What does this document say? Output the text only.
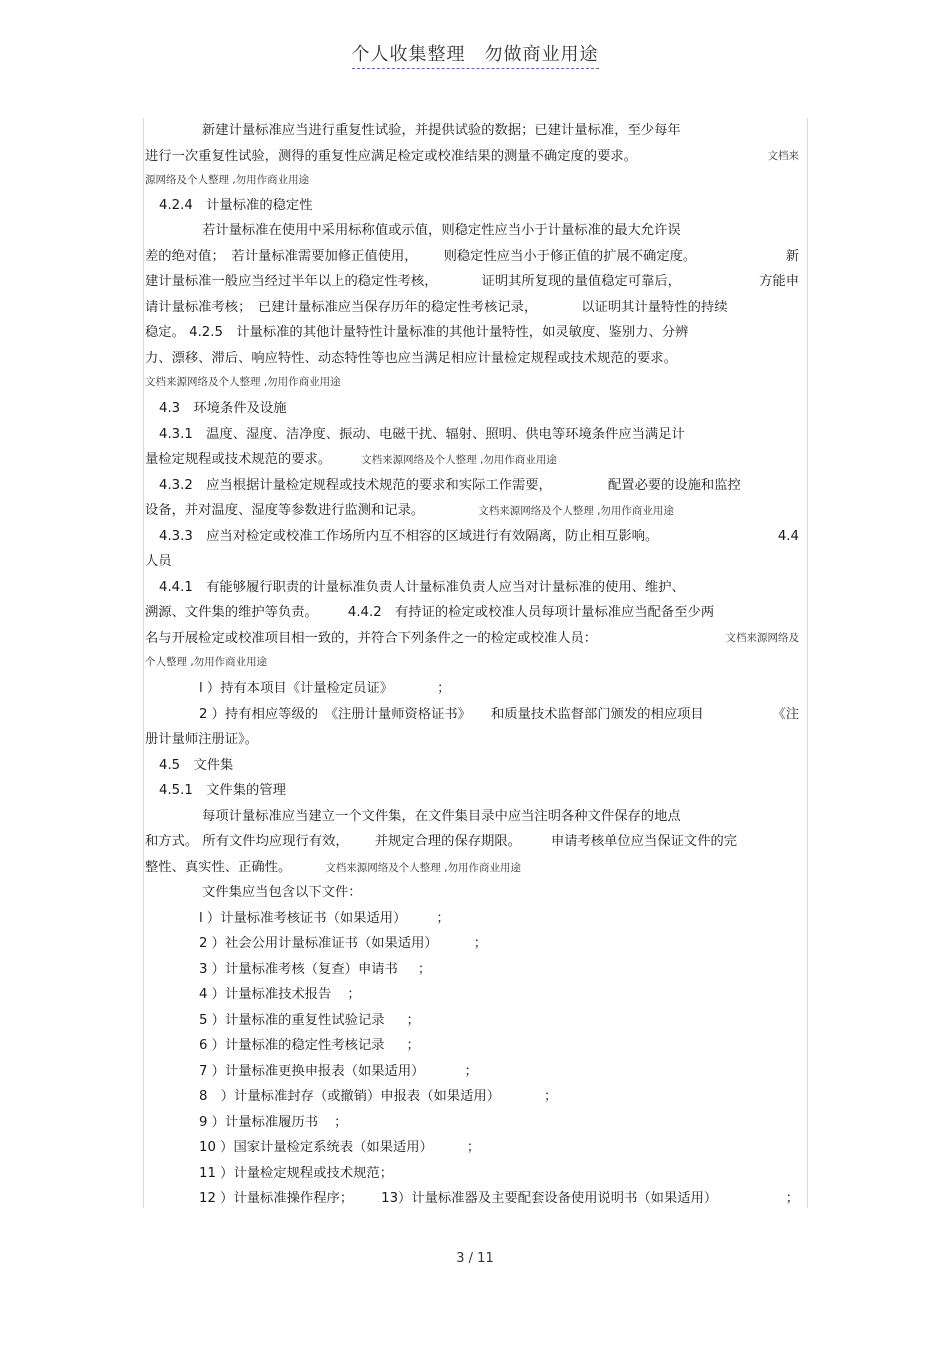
个人收集整理　勿做商业用途
新建计量标准应当进行重复性试验，并提供试验的数据；已建计量标准，至少每年
进行一次重复性试验，测得的重复性应满足检定或校准结果的测量不确定度的要求。	文档来
源网络及个人整理 ,勿用作商业用途
4.2.4　计量标准的稳定性
若计量标准在使用中采用标称值或示值，则稳定性应当小于计量标准的最大允许误
差的绝对值；　若计量标准需要加修正值使用， 则稳定性应当小于修正值的扩展不确定度。	新
建计量标准一般应当经过半年以上的稳定性考核，	证明其所复现的量值稳定可靠后，	方能申
请计量标准考核；　已建计量标准应当保存历年的稳定性考核记录，	以证明其计量特性的持续
稳定。 4.2.5　计量标准的其他计量特性计量标准的其他计量特性，如灵敏度、鉴别力、分辨
力、漂移、滞后、响应特性、动态特性等也应当满足相应计量检定规程或技术规范的要求。
文档来源网络及个人整理 ,勿用作商业用途
4.3　环境条件及设施
4.3.1　温度、湿度、洁净度、振动、电磁干扰、辐射、照明、供电等环境条件应当满足计
量检定规程或技术规范的要求。	文档来源网络及个人整理 ,勿用作商业用途
4.3.2　应当根据计量检定规程或技术规范的要求和实际工作需要，	配置必要的设施和监控
设备，并对温度、湿度等参数进行监测和记录。	文档来源网络及个人整理 ,勿用作商业用途
4.3.3　应当对检定或校准工作场所内互不相容的区域进行有效隔离，防止相互影响。	4.4
人员
4.4.1　有能够履行职责的计量标准负责人计量标准负责人应当对计量标准的使用、维护、
溯源、文件集的维护等负责。 4.4.2　有持证的检定或校准人员每项计量标准应当配备至少两
名与开展检定或校准项目相一致的，并符合下列条件之一的检定或校准人员：	文档来源网络及
个人整理 ,勿用作商业用途
l ）持有本项目《计量检定员证》	；
2 ）持有相应等级的　《注册计量师资格证书》 和质量技术监督部门颁发的相应项目	《注
册计量师注册证》。
4.5　文件集
4.5.1　文件集的管理
每项计量标准应当建立一个文件集，在文件集目录中应当注明各种文件保存的地点
和方式。 所有文件均应现行有效， 并规定合理的保存期限。 申请考核单位应当保证文件的完
整性、真实性、正确性。	文档来源网络及个人整理 ,勿用作商业用途
文件集应当包含以下文件：
l ）计量标准考核证书（如果适用） ；
2 ）社会公用计量标准证书（如果适用）	；
3 ）计量标准考核（复查）申请书 ；
4 ）计量标准技术报告 ；
5 ）计量标准的重复性试验记录 ；
6 ）计量标准的稳定性考核记录 ；
7 ）计量标准更换申报表（如果适用）	；
8　）计量标准封存（或撤销）申报表（如果适用）	；
9 ）计量标准履历书 ；
10 ）国家计量检定系统表（如果适用）	；
11 ）计量检定规程或技术规范；
12 ）计量标准操作程序； 13）计量标准器及主要配套设备使用说明书（如果适用）	；
3 / 11
